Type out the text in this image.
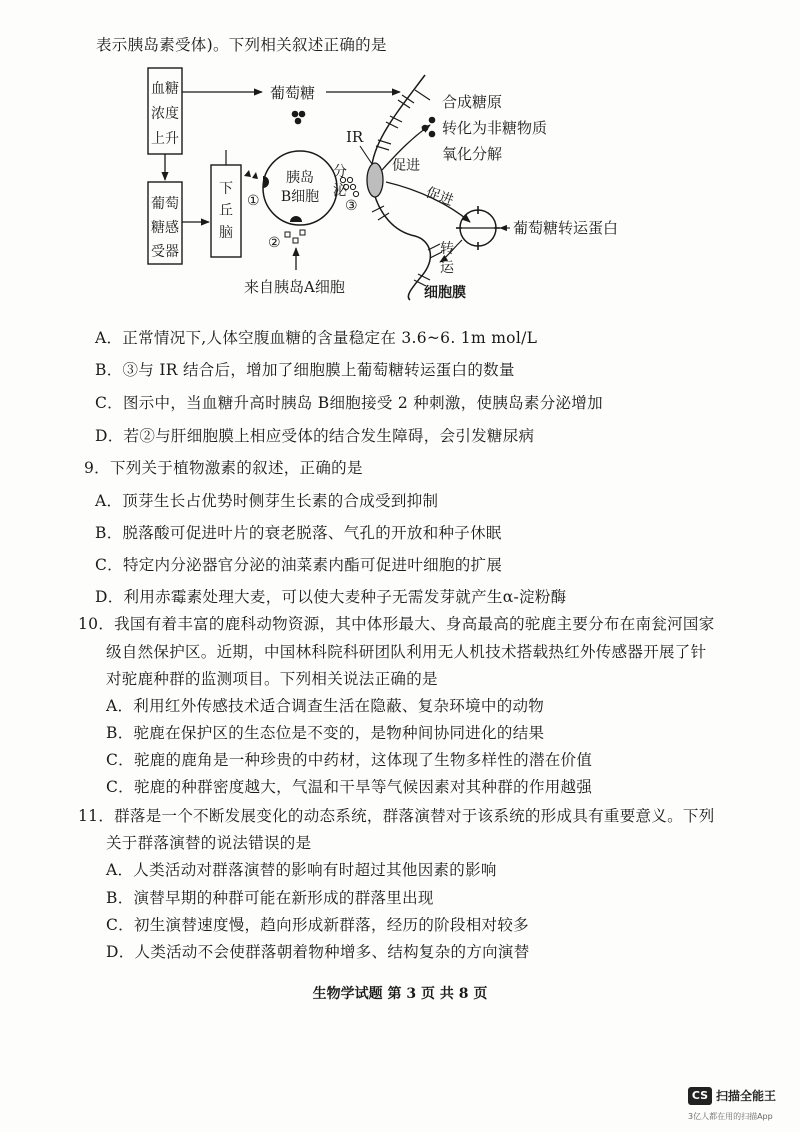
表示胰岛素受体)。下列相关叙述正确的是
血糖
浓度
上升
葡萄
糖感
受器
下
丘
脑
葡萄糖
胰岛
B细胞
①
②
来自胰岛A细胞
分
泌
③
IR
促进
促进
合成糖原
转化为非糖物质
氧化分解
葡萄糖转运蛋白
转
运
细胞膜
A．正常情况下,人体空腹血糖的含量稳定在 3.6~6. 1m mol/L
B．③与 IR 结合后，增加了细胞膜上葡萄糖转运蛋白的数量
C．图示中，当血糖升高时胰岛 B细胞接受 2 种刺激，使胰岛素分泌增加
D．若②与肝细胞膜上相应受体的结合发生障碍，会引发糖尿病
9．下列关于植物激素的叙述，正确的是
A．顶芽生长占优势时侧芽生长素的合成受到抑制
B．脱落酸可促进叶片的衰老脱落、气孔的开放和种子休眠
C．特定内分泌器官分泌的油菜素内酯可促进叶细胞的扩展
D．利用赤霉素处理大麦，可以使大麦种子无需发芽就产生α-淀粉酶
10．我国有着丰富的鹿科动物资源，其中体形最大、身高最高的驼鹿主要分布在南瓮河国家
级自然保护区。近期，中国林科院科研团队利用无人机技术搭载热红外传感器开展了针
对驼鹿种群的监测项目。下列相关说法正确的是
A．利用红外传感技术适合调查生活在隐蔽、复杂环境中的动物
B．驼鹿在保护区的生态位是不变的，是物种间协同进化的结果
C．驼鹿的鹿角是一种珍贵的中药材，这体现了生物多样性的潜在价值
C．驼鹿的种群密度越大，气温和干旱等气候因素对其种群的作用越强
11．群落是一个不断发展变化的动态系统，群落演替对于该系统的形成具有重要意义。下列
关于群落演替的说法错误的是
A．人类活动对群落演替的影响有时超过其他因素的影响
B．演替早期的种群可能在新形成的群落里出现
C．初生演替速度慢，趋向形成新群落，经历的阶段相对较多
D．人类活动不会使群落朝着物种增多、结构复杂的方向演替
生物学试题 第 3 页 共 8 页
CS 扫描全能王
3亿人都在用的扫描App
